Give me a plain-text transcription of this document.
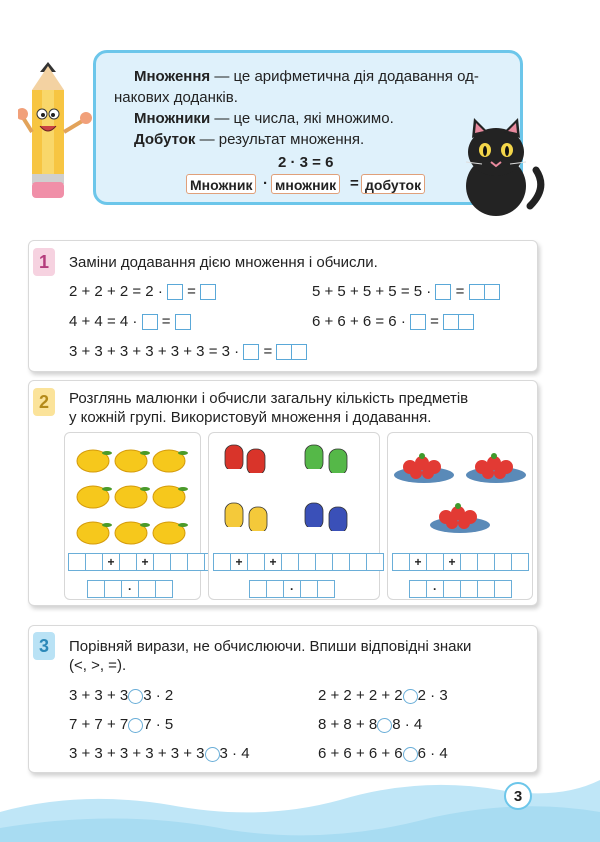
Множення — це арифметична дія додавання од-
накових доданків.
Множники — це числа, які множимо.
Добуток — результат множення.
2 · 3 = 6
Множник · множник = добуток
1	Заміни додавання дією множення і обчисли.
2 + 2 + 2 = 2 · =	5 + 5 + 5 + 5 = 5 · =
4 + 4 = 4 · =	6 + 6 + 6 = 6 · =
3 + 3 + 3 + 3 + 3 + 3 = 3 · =
2	Розглянь малюнки і обчисли загальну кількість предметів
у кожній групі. Використовуй множення і додавання.
+	+
·
+	+
·
+	+
·
3	Порівняй вирази, не обчислюючи. Впиши відповідні знаки
(<, >, =).
3 + 3 + 3 3 · 2	2 + 2 + 2 + 2 2 · 3
7 + 7 + 7 7 · 5	8 + 8 + 8 8 · 4
3 + 3 + 3 + 3 + 3 + 3 3 · 4	6 + 6 + 6 + 6 6 · 4
3
